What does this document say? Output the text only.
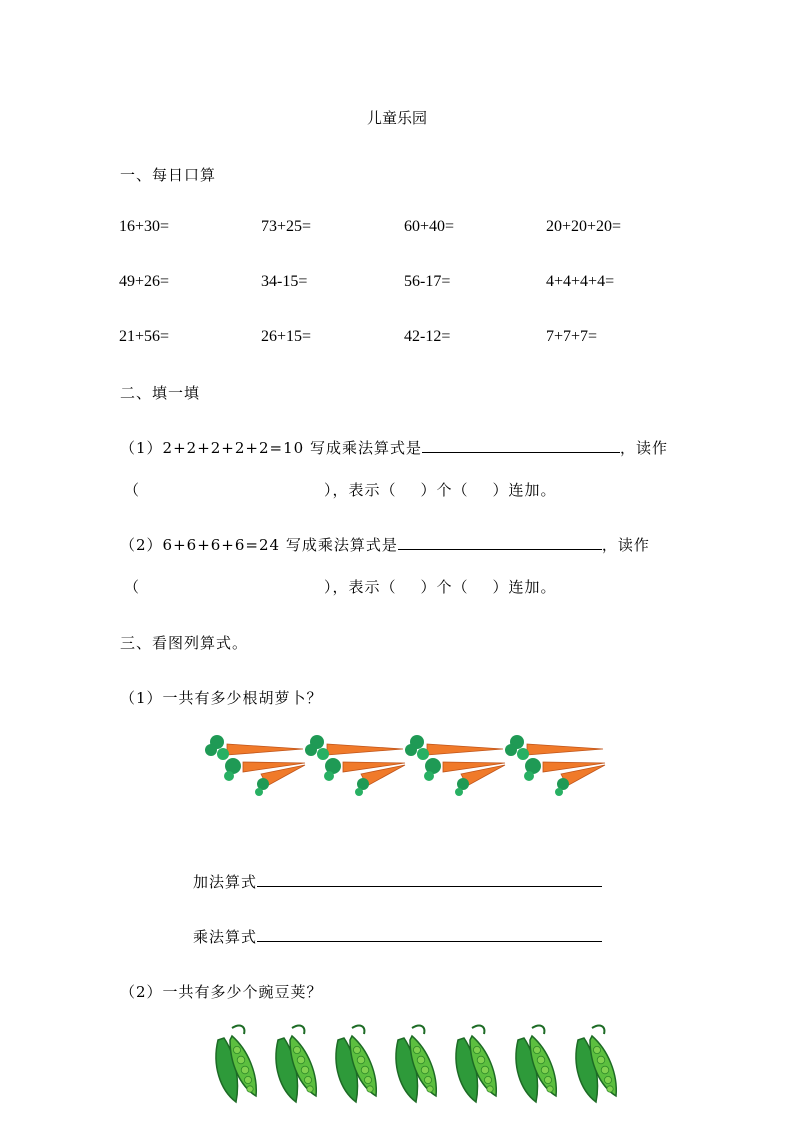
儿童乐园
一、每日口算
16+30=	73+25=	60+40=	20+20+20=
49+26=	34-15=	56-17=	4+4+4+4=
21+56=	26+15=	42-12=	7+7+7=
二、填一填
（1）2+2+2+2+2=10 写成乘法算式是	，读作
（	），表示（ ）个（ ）连加。
（2）6+6+6+6=24 写成乘法算式是	，读作
（	），表示（ ）个（ ）连加。
三、看图列算式。
（1）一共有多少根胡萝卜？
加法算式
乘法算式
（2）一共有多少个豌豆荚？
